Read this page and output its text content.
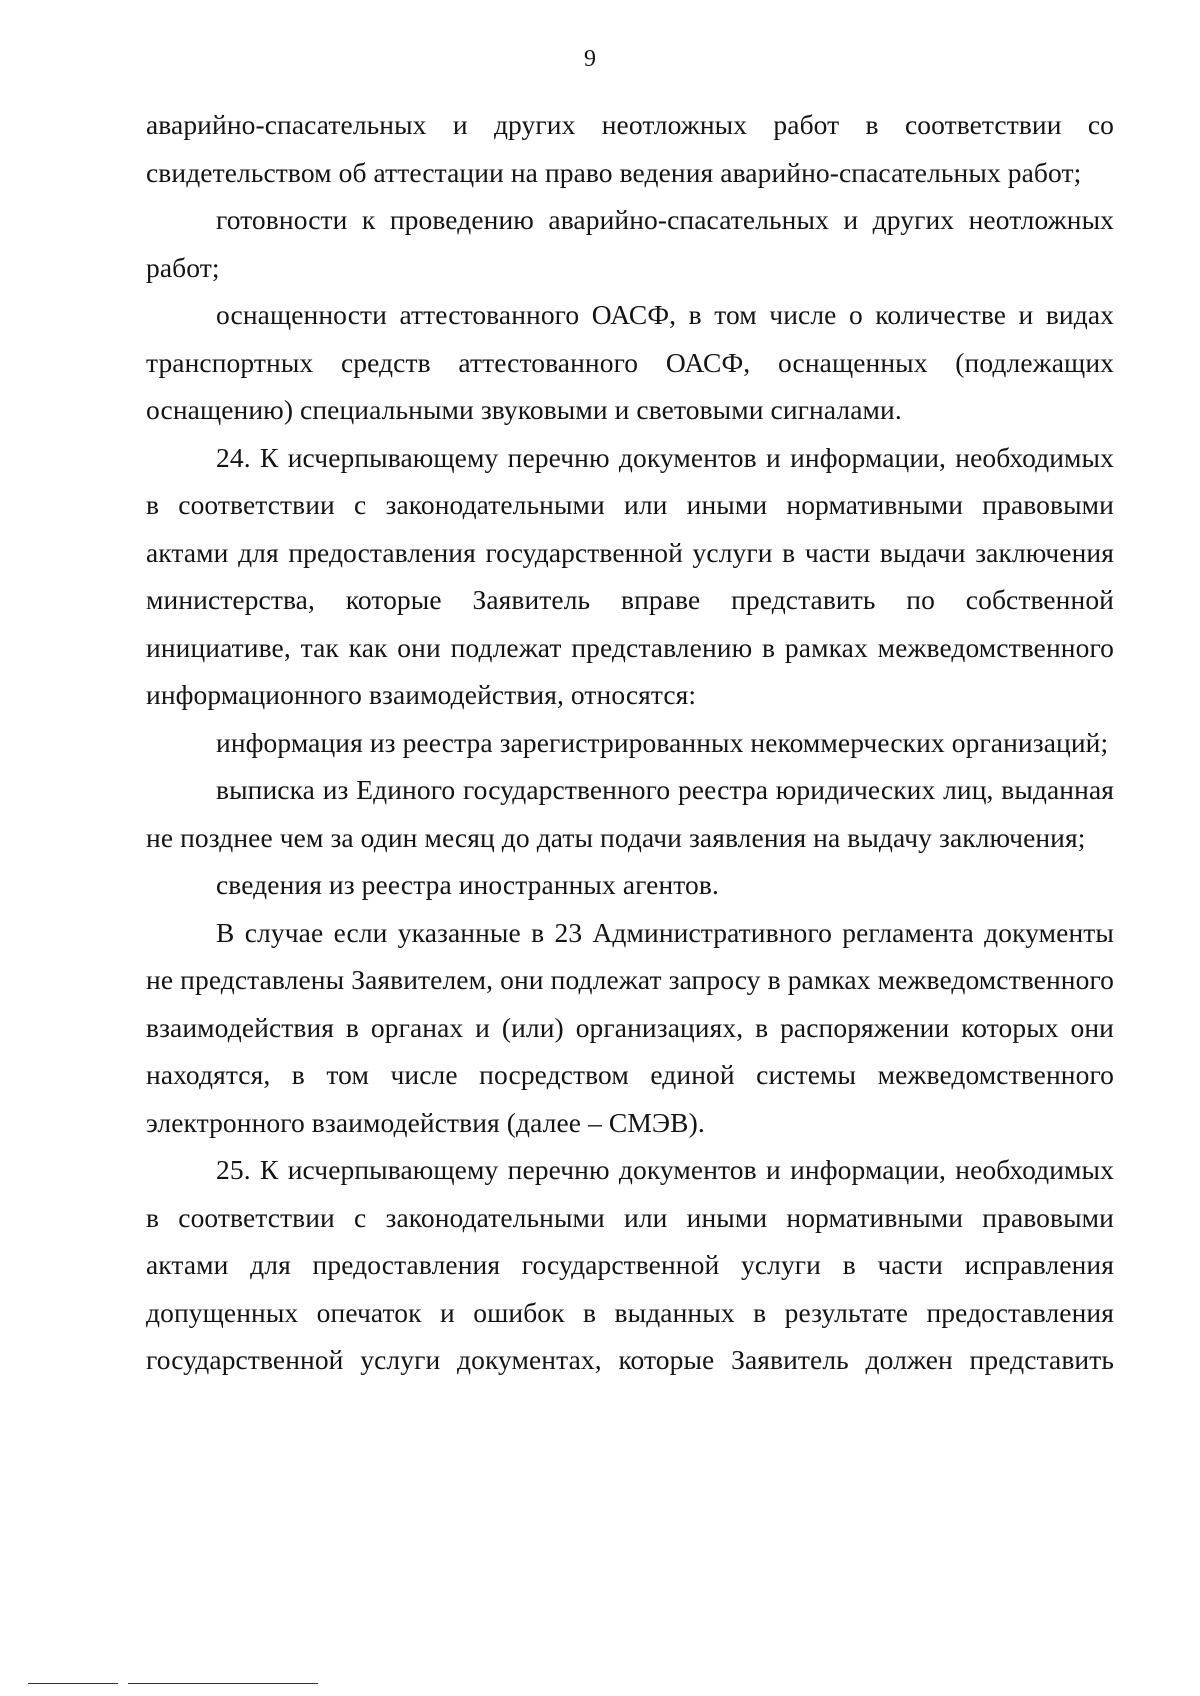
9

аварийно-спасательных и других неотложных работ в соответствии со свидетельством об аттестации на право ведения аварийно-спасательных работ;

готовности к проведению аварийно-спасательных и других неотложных работ;

оснащенности аттестованного ОАСФ, в том числе о количестве и видах транспортных средств аттестованного ОАСФ, оснащенных (подлежащих оснащению) специальными звуковыми и световыми сигналами.

24. К исчерпывающему перечню документов и информации, необходимых в соответствии с законодательными или иными нормативными правовыми актами для предоставления государственной услуги в части выдачи заключения министерства, которые Заявитель вправе представить по собственной инициативе, так как они подлежат представлению в рамках межведомственного информационного взаимодействия, относятся:

информация из реестра зарегистрированных некоммерческих организаций;

выписка из Единого государственного реестра юридических лиц, выданная не позднее чем за один месяц до даты подачи заявления на выдачу заключения;

сведения из реестра иностранных агентов.

В случае если указанные в 23 Административного регламента документы не представлены Заявителем, они подлежат запросу в рамках межведомственного взаимодействия в органах и (или) организациях, в распоряжении которых они находятся, в том числе посредством единой системы межведомственного электронного взаимодействия (далее – СМЭВ).

25. К исчерпывающему перечню документов и информации, необходимых в соответствии с законодательными или иными нормативными правовыми актами для предоставления государственной услуги в части исправления допущенных опечаток и ошибок в выданных в результате предоставления государственной услуги документах, которые Заявитель должен представить
